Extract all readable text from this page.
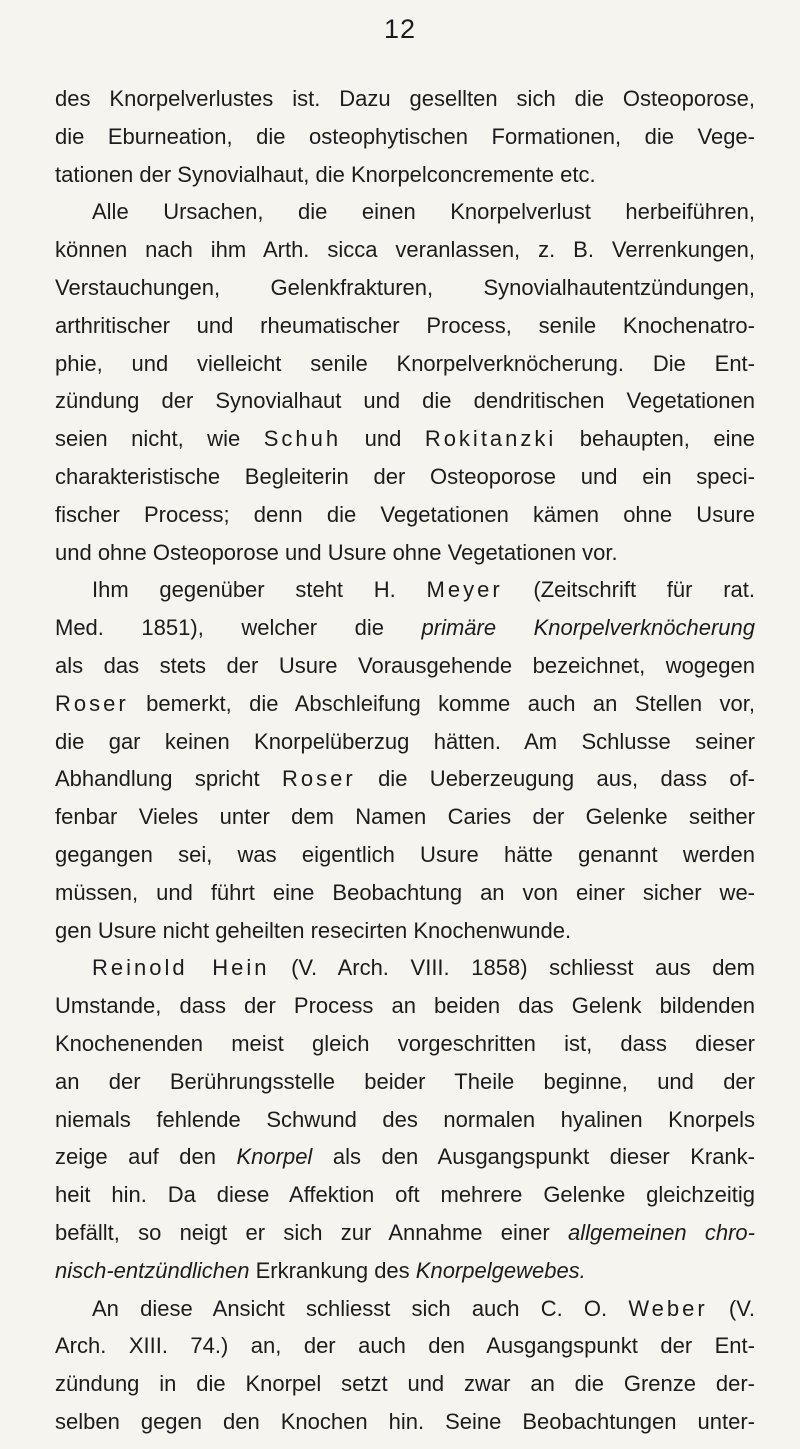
12
des Knorpelverlustes ist. Dazu gesellten sich die Osteoporose,
die Eburneation, die osteophytischen Formationen, die Vege-
tationen der Synovialhaut, die Knorpelconcremente etc.
Alle Ursachen, die einen Knorpelverlust herbeiführen,
können nach ihm Arth. sicca veranlassen, z. B. Verrenkungen,
Verstauchungen, Gelenkfrakturen, Synovialhautentzündungen,
arthritischer und rheumatischer Process, senile Knochenatro-
phie, und vielleicht senile Knorpelverknöcherung. Die Ent-
zündung der Synovialhaut und die dendritischen Vegetationen
seien nicht, wie Schuh und Rokitanzki behaupten, eine
charakteristische Begleiterin der Osteoporose und ein speci-
fischer Process; denn die Vegetationen kämen ohne Usure
und ohne Osteoporose und Usure ohne Vegetationen vor.
Ihm gegenüber steht H. Meyer (Zeitschrift für rat.
Med. 1851), welcher die primäre Knorpelverknöcherung
als das stets der Usure Vorausgehende bezeichnet, wogegen
Roser bemerkt, die Abschleifung komme auch an Stellen vor,
die gar keinen Knorpelüberzug hätten. Am Schlusse seiner
Abhandlung spricht Roser die Ueberzeugung aus, dass of-
fenbar Vieles unter dem Namen Caries der Gelenke seither
gegangen sei, was eigentlich Usure hätte genannt werden
müssen, und führt eine Beobachtung an von einer sicher we-
gen Usure nicht geheilten resecirten Knochenwunde.
Reinold Hein (V. Arch. VIII. 1858) schliesst aus dem
Umstande, dass der Process an beiden das Gelenk bildenden
Knochenenden meist gleich vorgeschritten ist, dass dieser
an der Berührungsstelle beider Theile beginne, und der
niemals fehlende Schwund des normalen hyalinen Knorpels
zeige auf den Knorpel als den Ausgangspunkt dieser Krank-
heit hin. Da diese Affektion oft mehrere Gelenke gleichzeitig
befällt, so neigt er sich zur Annahme einer allgemeinen chro-
nisch-entzündlichen Erkrankung des Knorpelgewebes.
An diese Ansicht schliesst sich auch C. O. Weber (V.
Arch. XIII. 74.) an, der auch den Ausgangspunkt der Ent-
zündung in die Knorpel setzt und zwar an die Grenze der-
selben gegen den Knochen hin. Seine Beobachtungen unter-
